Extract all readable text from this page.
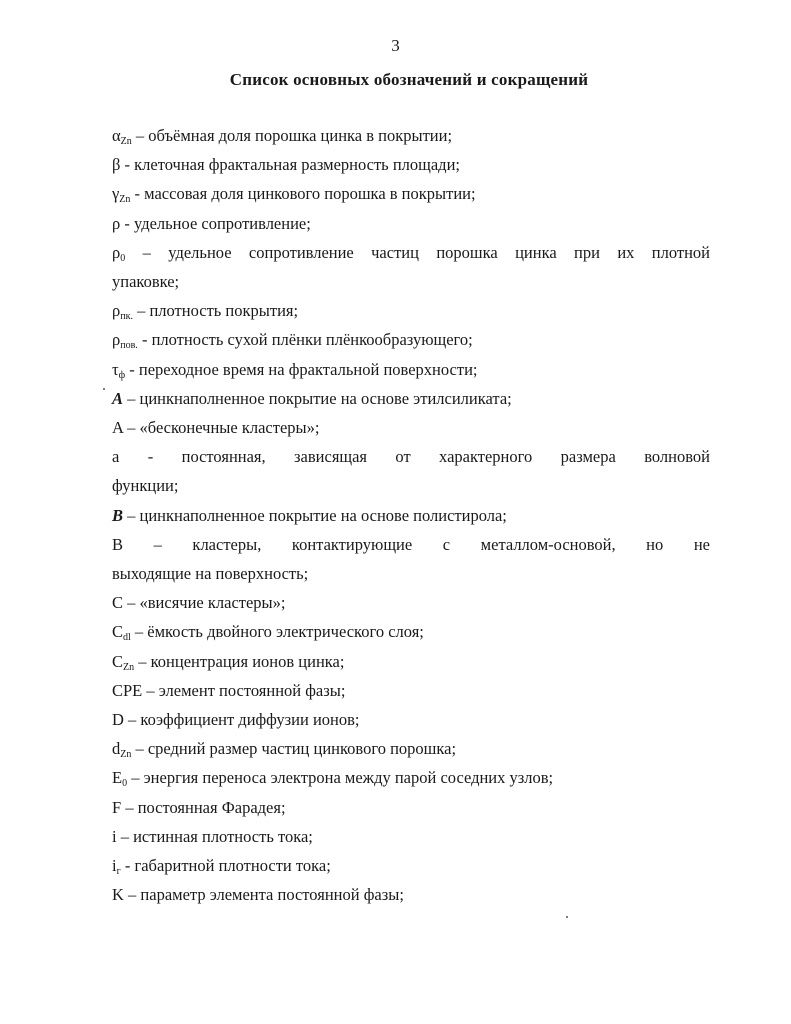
3
Список основных обозначений и сокращений

$\alpha_{Zn}$ – объёмная доля порошка цинка в покрытии;

β - клеточная фрактальная размерность площади;

$\gamma_{Zn}$ - массовая доля цинкового порошка в покрытии;

ρ - удельное сопротивление;

$\rho_0$ – удельное сопротивление частиц порошка цинка при их плотной

упаковке;

$\rho_{пк.}$ – плотность покрытия;

$\rho_{пов.}$ - плотность сухой плёнки плёнкообразующего;

$\tau_ф$ - переходное время на фрактальной поверхности;

A – цинкнаполненное покрытие на основе этилсиликата;

A – «бесконечные кластеры»;

a - постоянная, зависящая от характерного размера волновой

функции;

B – цинкнаполненное покрытие на основе полистирола;

B – кластеры, контактирующие с металлом-основой, но не

выходящие на поверхность;

C – «висячие кластеры»;

$C_{dl}$ – ёмкость двойного электрического слоя;

$C_{Zn}$ – концентрация ионов цинка;

CPE – элемент постоянной фазы;

D – коэффициент диффузии ионов;

$d_{Zn}$ – средний размер частиц цинкового порошка;

$E_0$ – энергия переноса электрона между парой соседних узлов;

F – постоянная Фарадея;

i – истинная плотность тока;

$i_г$ - габаритной плотности тока;

K – параметр элемента постоянной фазы;
